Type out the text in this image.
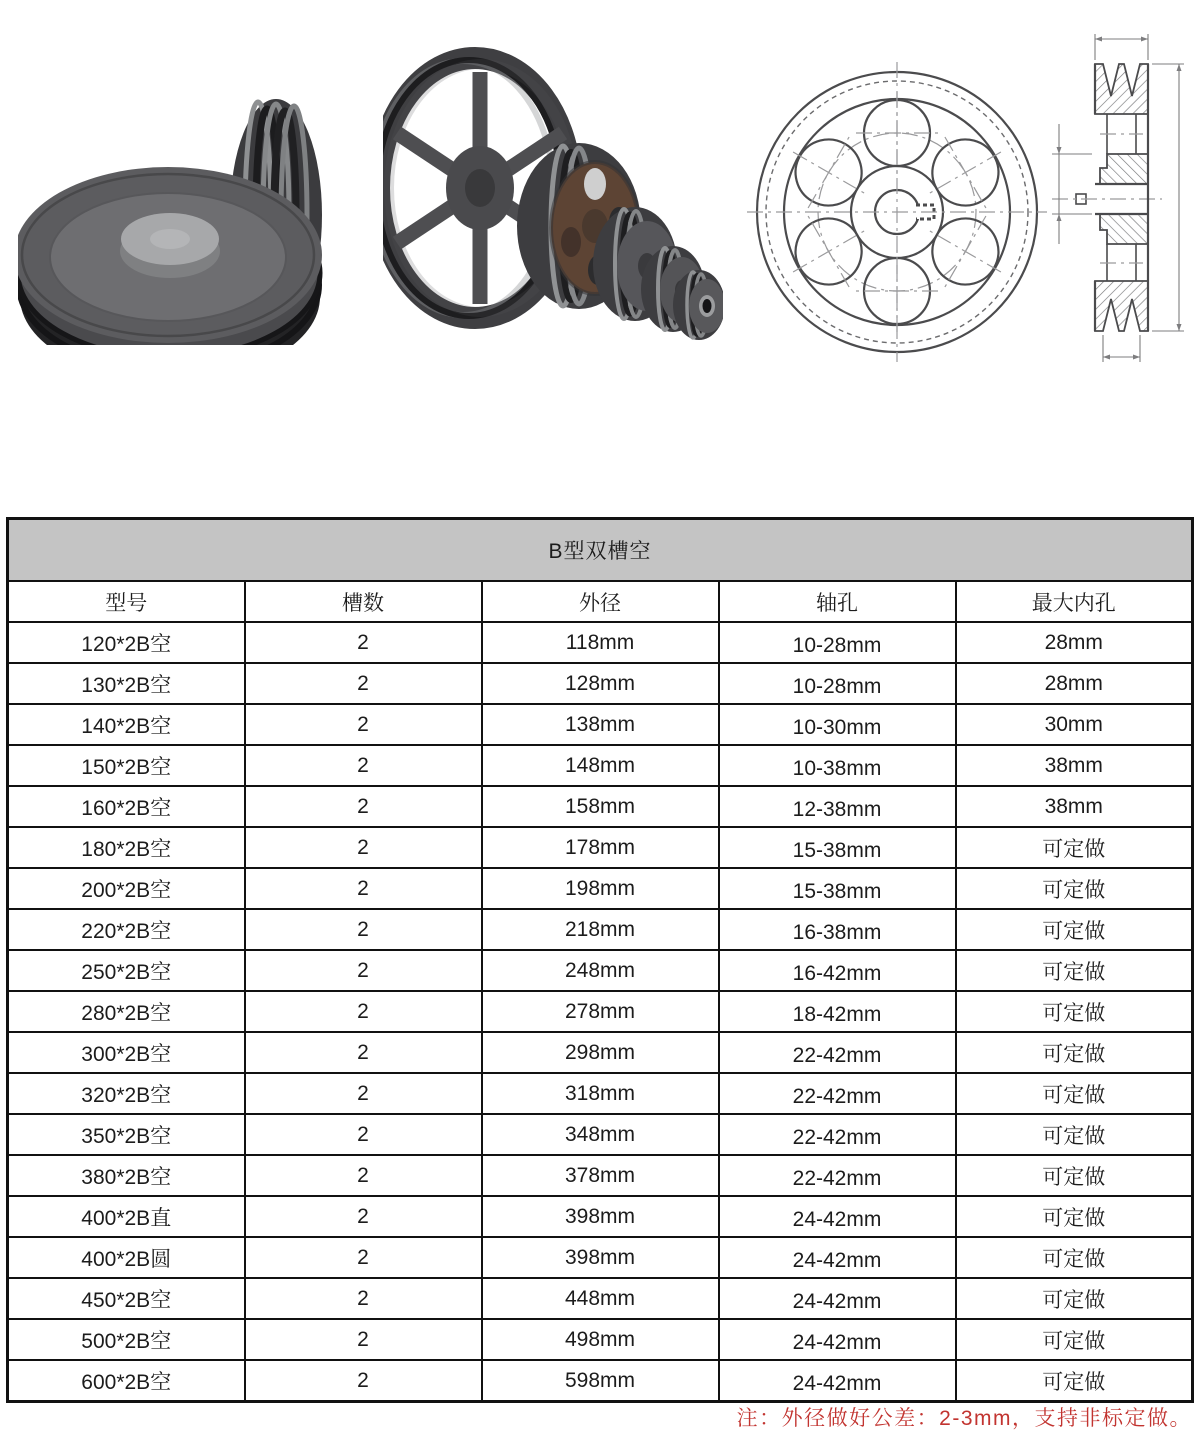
B型双槽空				
型号	槽数	外径	轴孔	最大内孔
120*2B空	2	118mm	10-28mm	28mm
130*2B空	2	128mm	10-28mm	28mm
140*2B空	2	138mm	10-30mm	30mm
150*2B空	2	148mm	10-38mm	38mm
160*2B空	2	158mm	12-38mm	38mm
180*2B空	2	178mm	15-38mm	可定做
200*2B空	2	198mm	15-38mm	可定做
220*2B空	2	218mm	16-38mm	可定做
250*2B空	2	248mm	16-42mm	可定做
280*2B空	2	278mm	18-42mm	可定做
300*2B空	2	298mm	22-42mm	可定做
320*2B空	2	318mm	22-42mm	可定做
350*2B空	2	348mm	22-42mm	可定做
380*2B空	2	378mm	22-42mm	可定做
400*2B直	2	398mm	24-42mm	可定做
400*2B圆	2	398mm	24-42mm	可定做
450*2B空	2	448mm	24-42mm	可定做
500*2B空	2	498mm	24-42mm	可定做
600*2B空	2	598mm	24-42mm	可定做
注：外径做好公差：2-3mm，支持非标定做。
